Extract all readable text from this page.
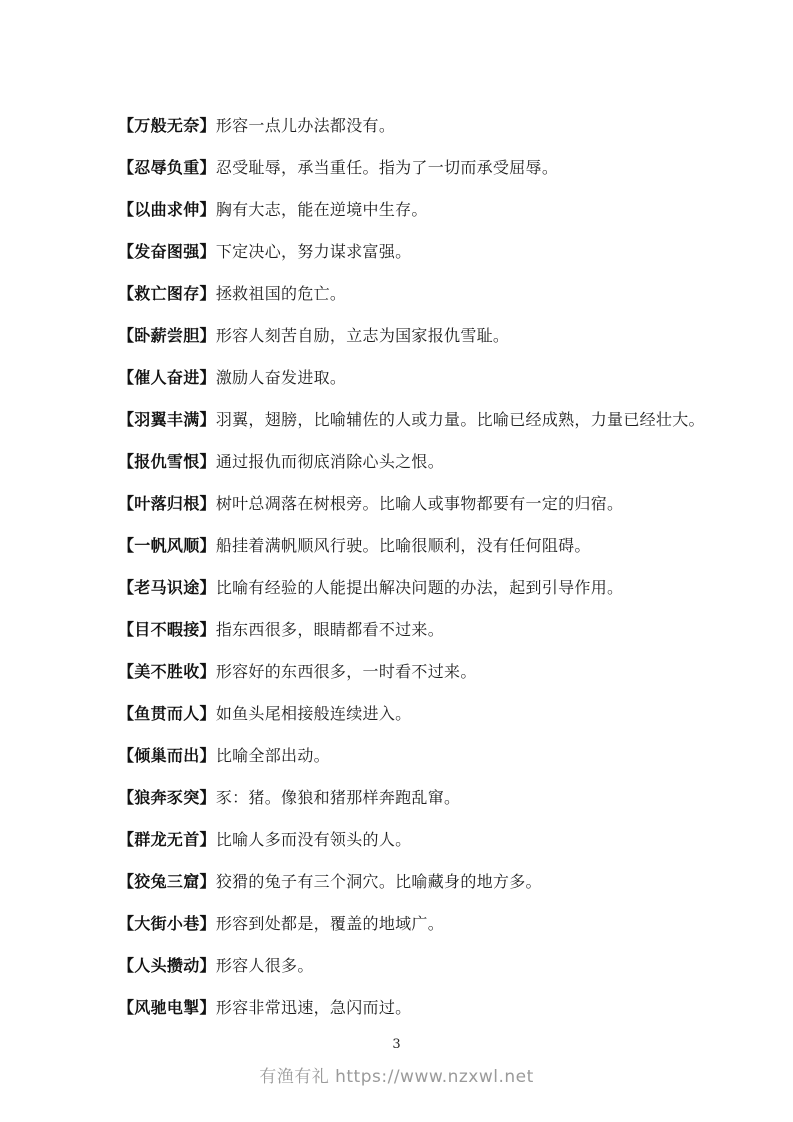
【万般无奈】形容一点儿办法都没有。

【忍辱负重】忍受耻辱，承当重任。指为了一切而承受屈辱。

【以曲求伸】胸有大志，能在逆境中生存。

【发奋图强】下定决心，努力谋求富强。

【救亡图存】拯救祖国的危亡。

【卧薪尝胆】形容人刻苦自励，立志为国家报仇雪耻。

【催人奋进】激励人奋发进取。

【羽翼丰满】羽翼，翅膀，比喻辅佐的人或力量。比喻已经成熟，力量已经壮大。

【报仇雪恨】通过报仇而彻底消除心头之恨。

【叶落归根】树叶总凋落在树根旁。比喻人或事物都要有一定的归宿。

【一帆风顺】船挂着满帆顺风行驶。比喻很顺利，没有任何阻碍。

【老马识途】比喻有经验的人能提出解决问题的办法，起到引导作用。

【目不暇接】指东西很多，眼睛都看不过来。

【美不胜收】形容好的东西很多，一时看不过来。

【鱼贯而人】如鱼头尾相接般连续进入。

【倾巢而出】比喻全部出动。

【狼奔豕突】豕：猪。像狼和猪那样奔跑乱窜。

【群龙无首】比喻人多而没有领头的人。

【狡兔三窟】狡猾的兔子有三个洞穴。比喻藏身的地方多。

【大街小巷】形容到处都是，覆盖的地域广。

【人头攒动】形容人很多。

【风驰电掣】形容非常迅速，急闪而过。

3
有渔有礼 https://www.nzxwl.net
